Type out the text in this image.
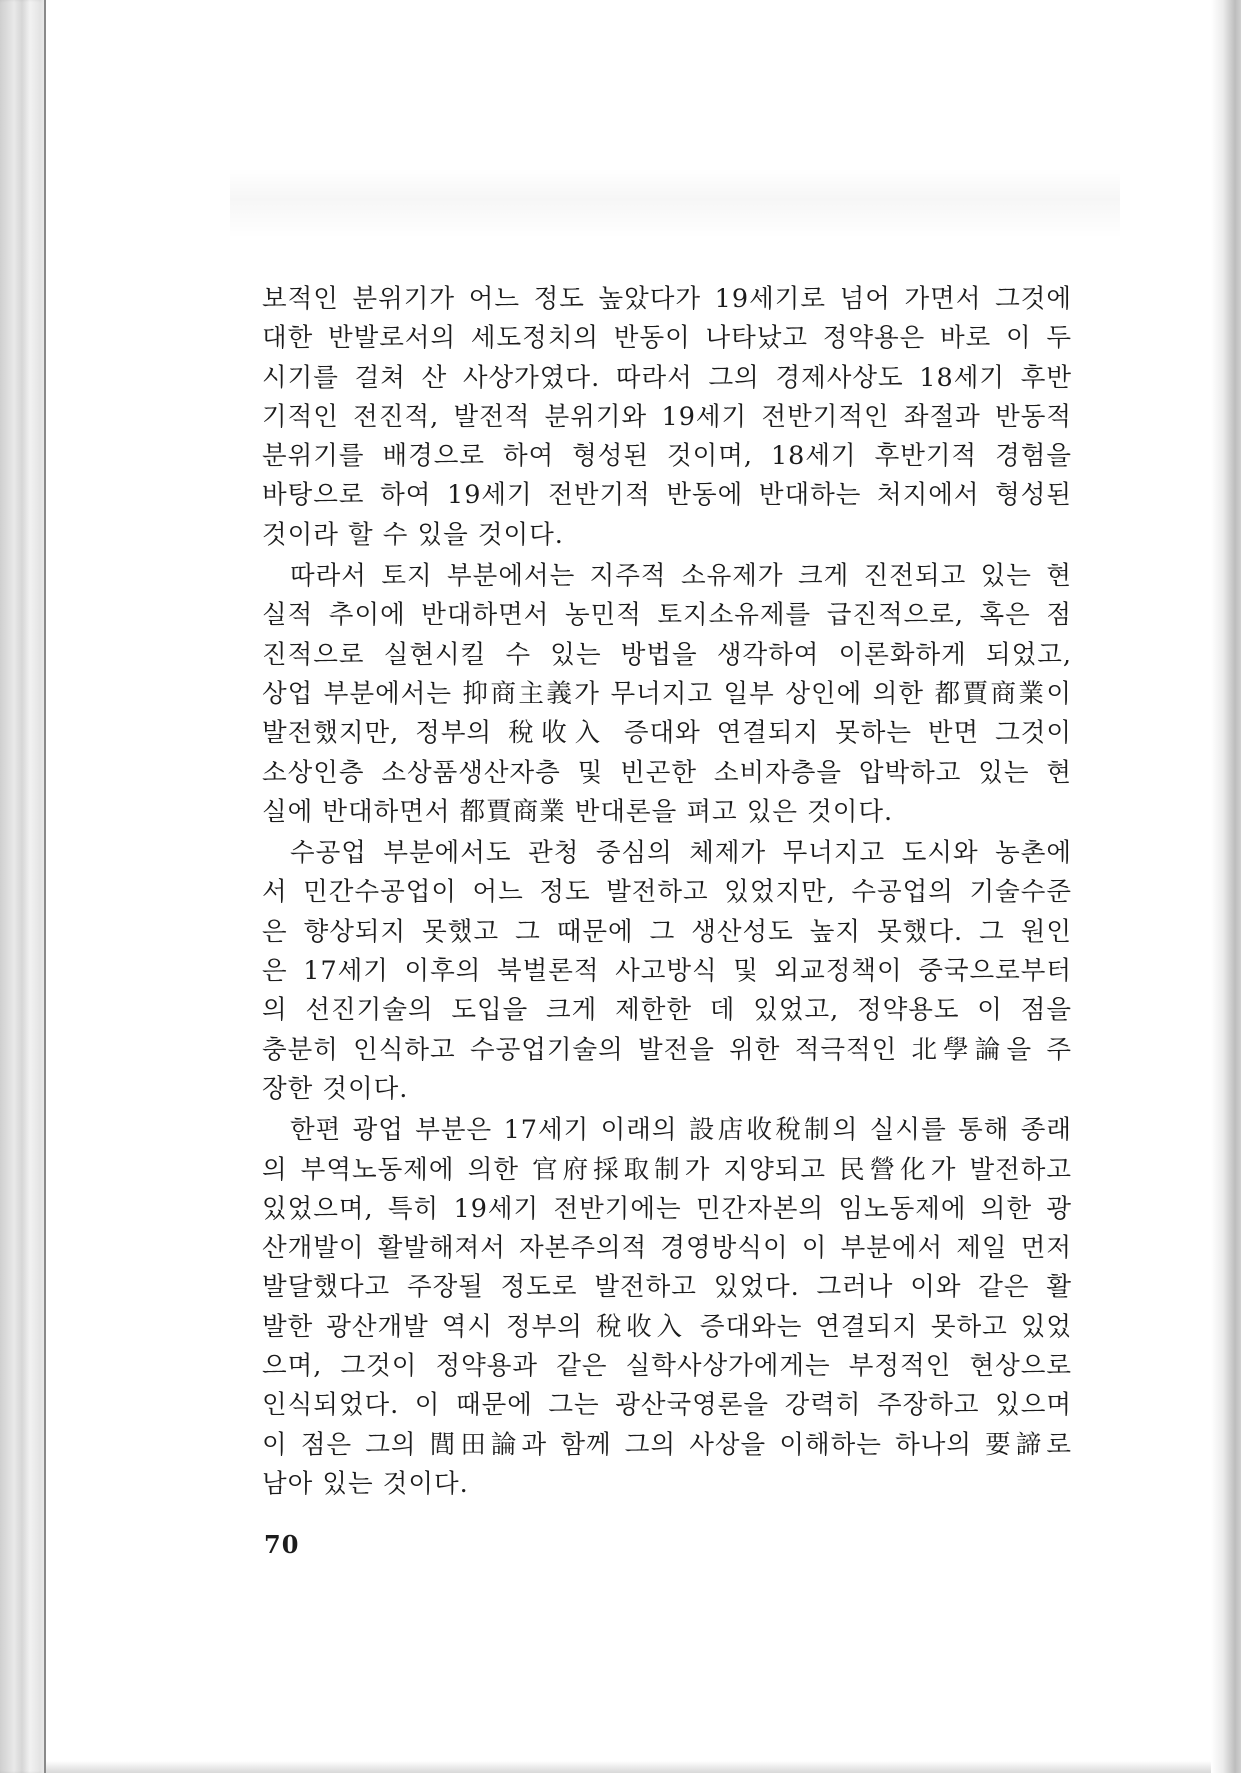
보적인 분위기가 어느 정도 높았다가 19세기로 넘어 가면서 그것에

대한 반발로서의 세도정치의 반동이 나타났고 정약용은 바로 이 두

시기를 걸쳐 산 사상가였다. 따라서 그의 경제사상도 18세기 후반

기적인 전진적, 발전적 분위기와 19세기 전반기적인 좌절과 반동적

분위기를 배경으로 하여 형성된 것이며, 18세기 후반기적 경험을

바탕으로 하여 19세기 전반기적 반동에 반대하는 처지에서 형성된

것이라 할 수 있을 것이다.

따라서 토지 부분에서는 지주적 소유제가 크게 진전되고 있는 현

실적 추이에 반대하면서 농민적 토지소유제를 급진적으로, 혹은 점

진적으로 실현시킬 수 있는 방법을 생각하여 이론화하게 되었고,

상업 부분에서는 抑商主義가 무너지고 일부 상인에 의한 都賈商業이

발전했지만, 정부의 稅收入 증대와 연결되지 못하는 반면 그것이

소상인층 소상품생산자층 및 빈곤한 소비자층을 압박하고 있는 현

실에 반대하면서 都賈商業 반대론을 펴고 있은 것이다.

수공업 부분에서도 관청 중심의 체제가 무너지고 도시와 농촌에

서 민간수공업이 어느 정도 발전하고 있었지만, 수공업의 기술수준

은 향상되지 못했고 그 때문에 그 생산성도 높지 못했다. 그 원인

은 17세기 이후의 북벌론적 사고방식 및 외교정책이 중국으로부터

의 선진기술의 도입을 크게 제한한 데 있었고, 정약용도 이 점을

충분히 인식하고 수공업기술의 발전을 위한 적극적인 北學論을 주

장한 것이다.

한편 광업 부분은 17세기 이래의 設店收稅制의 실시를 통해 종래

의 부역노동제에 의한 官府採取制가 지양되고 民營化가 발전하고

있었으며, 특히 19세기 전반기에는 민간자본의 임노동제에 의한 광

산개발이 활발해져서 자본주의적 경영방식이 이 부분에서 제일 먼저

발달했다고 주장될 정도로 발전하고 있었다. 그러나 이와 같은 활

발한 광산개발 역시 정부의 稅收入 증대와는 연결되지 못하고 있었

으며, 그것이 정약용과 같은 실학사상가에게는 부정적인 현상으로

인식되었다. 이 때문에 그는 광산국영론을 강력히 주장하고 있으며

이 점은 그의 閭田論과 함께 그의 사상을 이해하는 하나의 要諦로

남아 있는 것이다.

70
